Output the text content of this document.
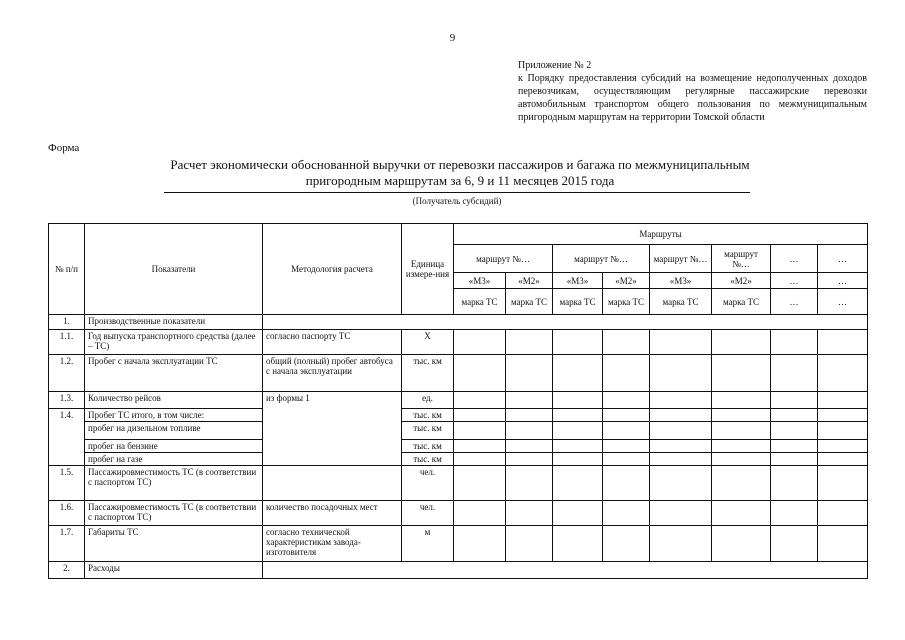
9
Приложение № 2
к Порядку предоставления субсидий на возмещение недополученных доходов перевозчикам, осуществляющим регулярные пассажирские перевозки автомобильным транспортом общего пользования по межмуниципальным пригородным маршрутам на территории Томской области
Форма
Расчет экономически обоснованной выручки от перевозки пассажиров и багажа по межмуниципальным
пригородным маршрутам за 6, 9 и 11 месяцев 2015 года
(Получатель субсидий)
№ п/п	Показатели	Методология расчета	Единица измере-ния	Маршруты							
				маршрут №…		маршрут №…		маршрут №…	маршрут №…	…	…
				«М3»	«М2»	«М3»	«М2»	«М3»	«М2»	…	…
				марка ТС	марка ТС	марка ТС	марка ТС	марка ТС	марка ТС	…	…
1.	Производственные показатели										
1.1.	Год выпуска транспортного средства (далее – ТС)	согласно паспорту ТС	X								
1.2.	Пробег с начала эксплуатации ТС	общий (полный) пробег автобуса с начала эксплуатации	тыс. км								
1.3.	Количество рейсов	из формы 1	ед.								
1.4.	Пробег ТС итого, в том числе:		тыс. км								
	пробег на дизельном топливе		тыс. км								
	пробег на бензине		тыс. км								
	пробег на газе		тыс. км								
1.5.	Пассажировместимость ТС (в соответствии с паспортом ТС)		чел.								
1.6.	Пассажировместимость ТС (в соответствии с паспортом ТС)	количество посадочных мест	чел.								
1.7.	Габариты ТС	согласно технической характеристикам завода-изготовителя	м								
2.	Расходы										
